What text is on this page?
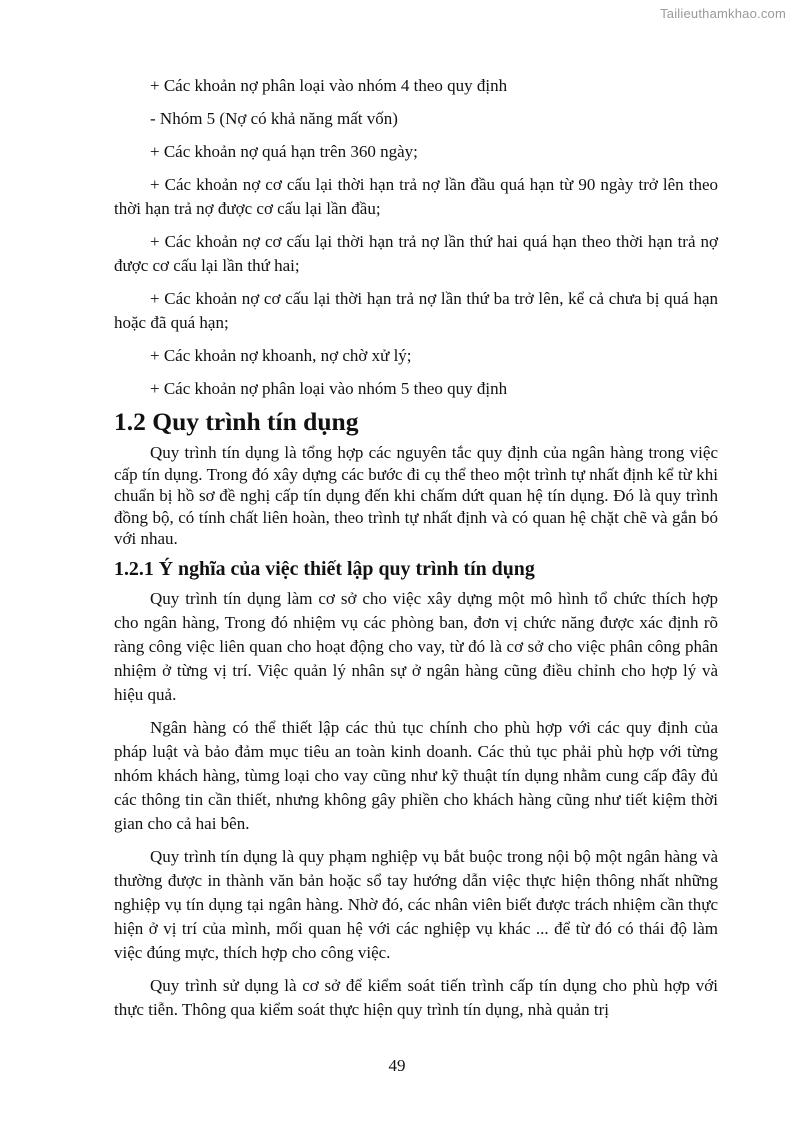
Tailieuthamkhao.com

+ Các khoản nợ phân loại vào nhóm 4 theo quy định

- Nhóm 5 (Nợ có khả năng mất vốn)

+ Các khoản nợ quá hạn trên 360 ngày;

+ Các khoản nợ cơ cấu lại thời hạn trả nợ lần đầu quá hạn từ 90 ngày trở lên theo thời hạn trả nợ được cơ cấu lại lần đầu;

+ Các khoản nợ cơ cấu lại thời hạn trả nợ lần thứ hai quá hạn theo thời hạn trả nợ được cơ cấu lại lần thứ hai;

+ Các khoản nợ cơ cấu lại thời hạn trả nợ lần thứ ba trở lên, kể cả chưa bị quá hạn hoặc đã quá hạn;

+ Các khoản nợ khoanh, nợ chờ xử lý;

+ Các khoản nợ phân loại vào nhóm 5 theo quy định

1.2 Quy trình tín dụng

Quy trình tín dụng là tổng hợp các nguyên tắc quy định của ngân hàng trong việc cấp tín dụng. Trong đó xây dựng các bước đi cụ thể theo một trình tự nhất định kể từ khi chuẩn bị hồ sơ đề nghị cấp tín dụng đến khi chấm dứt quan hệ tín dụng. Đó là quy trình đồng bộ, có tính chất liên hoàn, theo trình tự nhất định và có quan hệ chặt chẽ và gắn bó với nhau.

1.2.1 Ý nghĩa của việc thiết lập quy trình tín dụng

Quy trình tín dụng làm cơ sở cho việc xây dựng một mô hình tổ chức thích hợp cho ngân hàng, Trong đó nhiệm vụ các phòng ban, đơn vị chức năng được xác định rõ ràng công việc liên quan cho hoạt động cho vay, từ đó là cơ sở cho việc phân công phân nhiệm ở từng vị trí. Việc quản lý nhân sự ở ngân hàng cũng điều chỉnh cho hợp lý và hiệu quả.

Ngân hàng có thể thiết lập các thủ tục chính cho phù hợp với các quy định của pháp luật và bảo đảm mục tiêu an toàn kinh doanh. Các thủ tục phải phù hợp với từng nhóm khách hàng, tùmg loại cho vay cũng như kỹ thuật tín dụng nhằm cung cấp đây đủ các thông tin cần thiết, nhưng không gây phiền cho khách hàng cũng như tiết kiệm thời gian cho cả hai bên.

Quy trình tín dụng là quy phạm nghiệp vụ bắt buộc trong nội bộ một ngân hàng và thường được in thành văn bản hoặc sổ tay hướng dẫn việc thực hiện thông nhất những nghiệp vụ tín dụng tại ngân hàng. Nhờ đó, các nhân viên biết được trách nhiệm cần thực hiện ở vị trí của mình, mối quan hệ với các nghiệp vụ khác ... để từ đó có thái độ làm việc đúng mực, thích hợp cho công việc.

Quy trình sử dụng là cơ sở để kiểm soát tiến trình cấp tín dụng cho phù hợp với thực tiễn. Thông qua kiểm soát thực hiện quy trình tín dụng, nhà quản trị

49
